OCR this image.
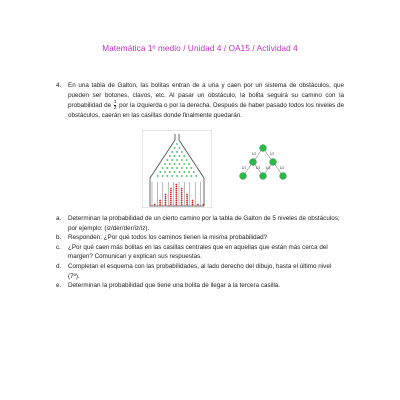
Matemática 1º medio / Unidad 4 / OA15 / Actividad 4
4. En una tabla de Galton, las bolitas entran de a una y caen por un sistema de obstáculos, que pueden ser botones, clavos, etc. Al pasar un obstáculo, la bolita seguirá su camino con la probabilidad de $\frac{1}{2}$ por la izquierda o por la derecha. Después de haber pasado todos los niveles de obstáculos, caerán en las casillas donde finalmente quedarán.
1/2	1/2
1/2	1/2 1/2	1/2
a. Determinan la probabilidad de un cierto camino por la tabla de Galton de 5 niveles de obstáculos; por ejemplo: (iz/der/der/iz/iz).
b. Responden: ¿Por qué todos los caminos tienen la misma probabilidad?
c. ¿Por qué caen más bolitas en las casillas centrales que en aquellas que están más cerca del margen? Comunican y explican sus respuestas.
d. Completan el esquema con las probabilidades, al lado derecho del dibujo, hasta el último nivel (7º).
e. Determinan la probabilidad que tiene una bolita de llegar a la tercera casilla.
